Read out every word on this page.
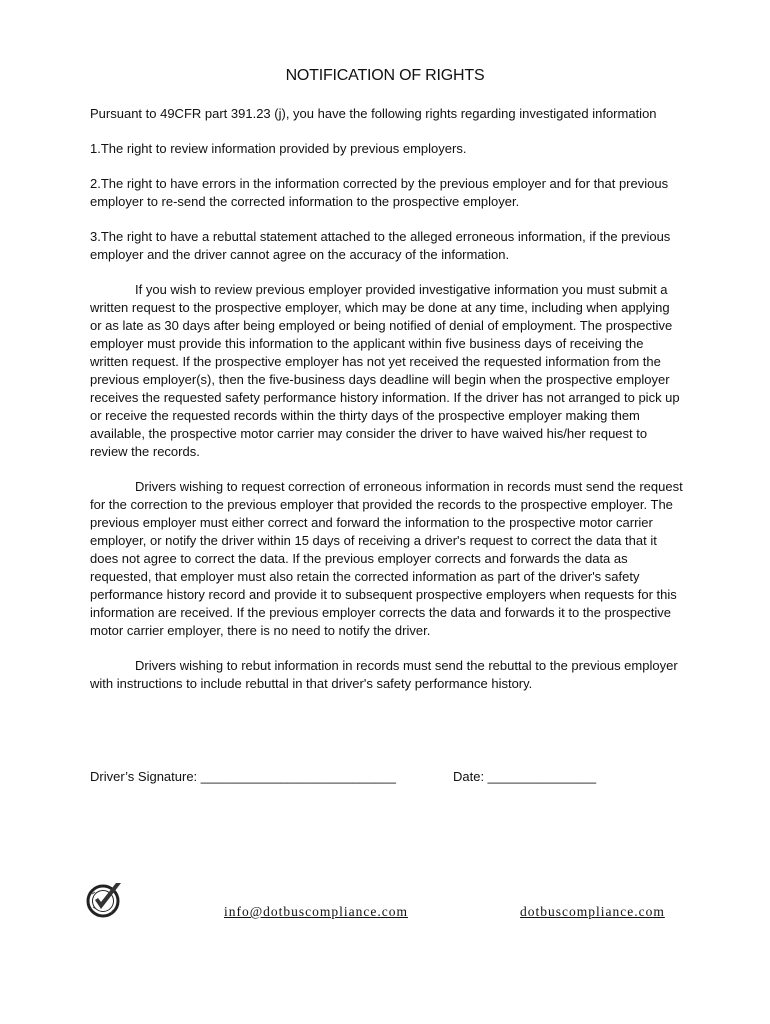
NOTIFICATION OF RIGHTS

Pursuant to 49CFR part 391.23 (j), you have the following rights regarding investigated information

1.The right to review information provided by previous employers.

2.The right to have errors in the information corrected by the previous employer and for that previous employer to re-send the corrected information to the prospective employer.

3.The right to have a rebuttal statement attached to the alleged erroneous information, if the previous employer and the driver cannot agree on the accuracy of the information.

If you wish to review previous employer provided investigative information you must submit a written request to the prospective employer, which may be done at any time, including when applying or as late as 30 days after being employed or being notified of denial of employment. The prospective employer must provide this information to the applicant within five business days of receiving the written request. If the prospective employer has not yet received the requested information from the previous employer(s), then the five-business days deadline will begin when the prospective employer receives the requested safety performance history information. If the driver has not arranged to pick up or receive the requested records within the thirty days of the prospective employer making them available, the prospective motor carrier may consider the driver to have waived his/her request to review the records.

Drivers wishing to request correction of erroneous information in records must send the request for the correction to the previous employer that provided the records to the prospective employer. The previous employer must either correct and forward the information to the prospective motor carrier employer, or notify the driver within 15 days of receiving a driver's request to correct the data that it does not agree to correct the data. If the previous employer corrects and forwards the data as requested, that employer must also retain the corrected information as part of the driver's safety performance history record and provide it to subsequent prospective employers when requests for this information are received. If the previous employer corrects the data and forwards it to the prospective motor carrier employer, there is no need to notify the driver.

Drivers wishing to rebut information in records must send the rebuttal to the previous employer with instructions to include rebuttal in that driver's safety performance history.

Driver’s Signature: ___________________________	Date: _______________
info@dotbuscompliance.com	dotbuscompliance.com
